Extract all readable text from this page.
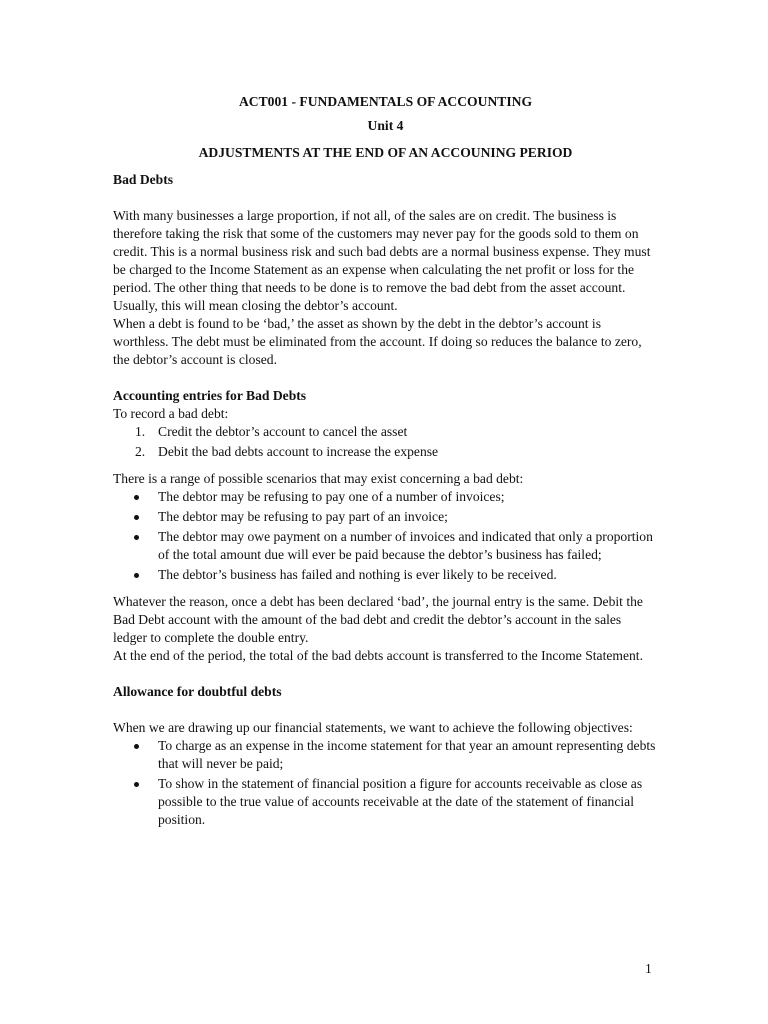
ACT001 - FUNDAMENTALS OF ACCOUNTING
Unit 4
ADJUSTMENTS AT THE END OF AN ACCOUNING PERIOD
Bad Debts

With many businesses a large proportion, if not all, of the sales are on credit. The business is therefore taking the risk that some of the customers may never pay for the goods sold to them on credit. This is a normal business risk and such bad debts are a normal business expense. They must be charged to the Income Statement as an expense when calculating the net profit or loss for the period. The other thing that needs to be done is to remove the bad debt from the asset account. Usually, this will mean closing the debtor’s account.

When a debt is found to be ‘bad,’ the asset as shown by the debt in the debtor’s account is worthless. The debt must be eliminated from the account. If doing so reduces the balance to zero, the debtor’s account is closed.

Accounting entries for Bad Debts

To record a bad debt:

1. Credit the debtor’s account to cancel the asset
2. Debit the bad debts account to increase the expense

There is a range of possible scenarios that may exist concerning a bad debt:

The debtor may be refusing to pay one of a number of invoices;
The debtor may be refusing to pay part of an invoice;
The debtor may owe payment on a number of invoices and indicated that only a proportion of the total amount due will ever be paid because the debtor’s business has failed;
The debtor’s business has failed and nothing is ever likely to be received.

Whatever the reason, once a debt has been declared ‘bad’, the journal entry is the same. Debit the Bad Debt account with the amount of the bad debt and credit the debtor’s account in the sales ledger to complete the double entry.

At the end of the period, the total of the bad debts account is transferred to the Income Statement.

Allowance for doubtful debts

When we are drawing up our financial statements, we want to achieve the following objectives:

To charge as an expense in the income statement for that year an amount representing debts that will never be paid;
To show in the statement of financial position a figure for accounts receivable as close as possible to the true value of accounts receivable at the date of the statement of financial position.
1
